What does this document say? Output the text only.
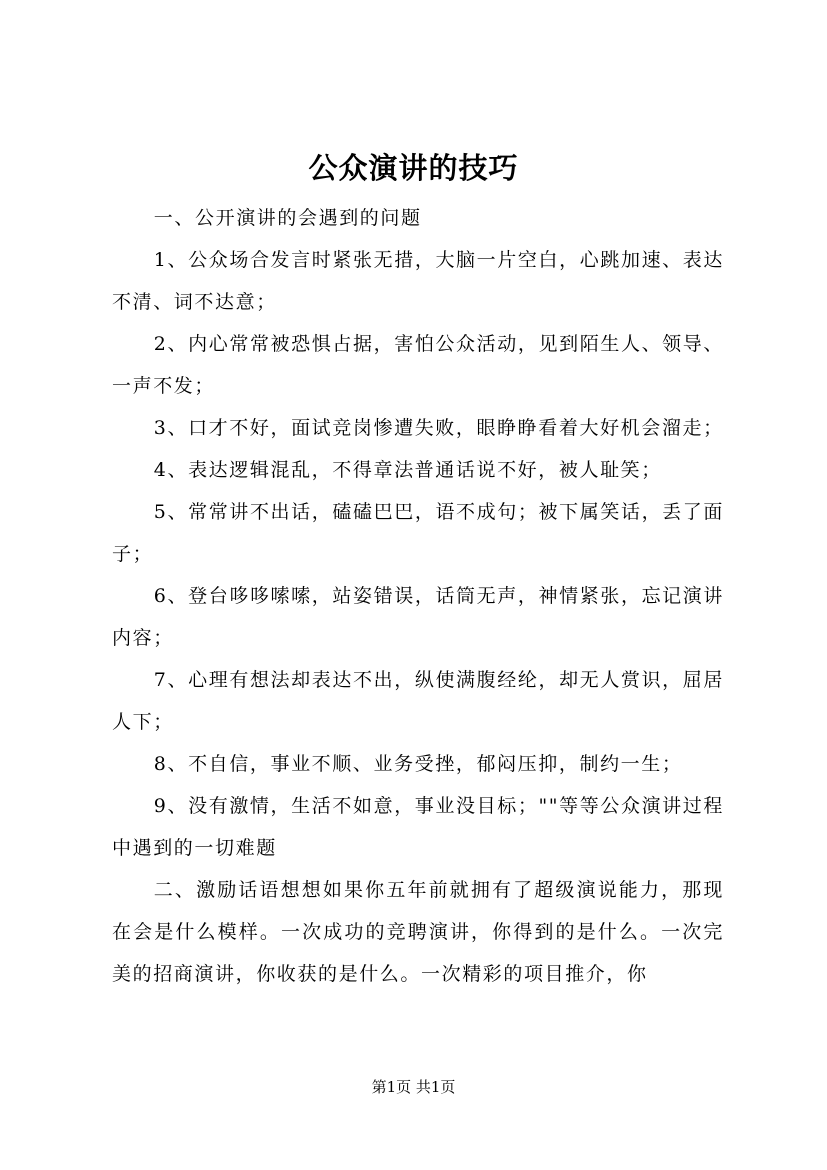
公众演讲的技巧

一、公开演讲的会遇到的问题

1、公众场合发言时紧张无措，大脑一片空白，心跳加速、表达不清、词不达意；

2、内心常常被恐惧占据，害怕公众活动，见到陌生人、领导、一声不发；

3、口才不好，面试竞岗惨遭失败，眼睁睁看着大好机会溜走；

4、表达逻辑混乱，不得章法普通话说不好，被人耻笑；

5、常常讲不出话，磕磕巴巴，语不成句；被下属笑话，丢了面子；

6、登台哆哆嗦嗦，站姿错误，话筒无声，神情紧张，忘记演讲内容；

7、心理有想法却表达不出，纵使满腹经纶，却无人赏识，屈居人下；

8、不自信，事业不顺、业务受挫，郁闷压抑，制约一生；

9、没有激情，生活不如意，事业没目标；""等等公众演讲过程中遇到的一切难题

二、激励话语想想如果你五年前就拥有了超级演说能力，那现在会是什么模样。一次成功的竞聘演讲，你得到的是什么。一次完美的招商演讲，你收获的是什么。一次精彩的项目推介，你

第1页 共1页
